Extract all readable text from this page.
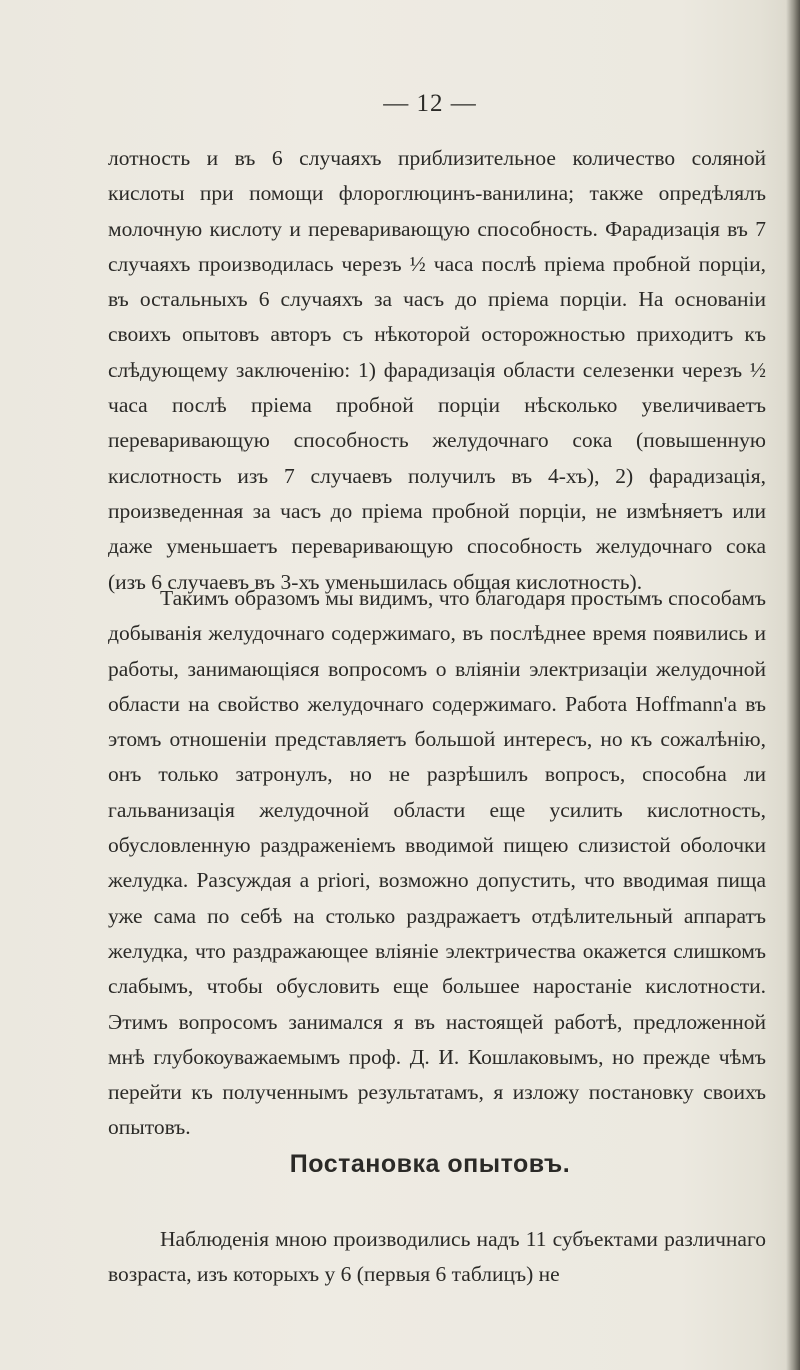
— 12 —

лотность и въ 6 случаяхъ приблизительное количество соляной кислоты при помощи флороглюцинъ-ванилина; также опредѣлялъ молочную кислоту и переваривающую способность. Фарадизація въ 7 случаяхъ производилась черезъ ½ часа послѣ пріема пробной порціи, въ остальныхъ 6 случаяхъ за часъ до пріема порціи. На основаніи своихъ опытовъ авторъ съ нѣкоторой осторожностью приходитъ къ слѣдующему заключенію: 1) фарадизація области селезенки черезъ ½ часа послѣ пріема пробной порціи нѣсколько увеличиваетъ переваривающую способность желудочнаго сока (повышенную кислотность изъ 7 случаевъ получилъ въ 4-хъ), 2) фарадизація, произведенная за часъ до пріема пробной порціи, не измѣняетъ или даже уменьшаетъ переваривающую способность желудочнаго сока (изъ 6 случаевъ въ 3-хъ уменьшилась общая кислотность).

Такимъ образомъ мы видимъ, что благодаря простымъ способамъ добыванія желудочнаго содержимаго, въ послѣднее время появились и работы, занимающіяся вопросомъ о вліяніи электризаціи желудочной области на свойство желудочнаго содержимаго. Работа Hoffmann'а въ этомъ отношеніи представляетъ большой интересъ, но къ сожалѣнію, онъ только затронулъ, но не разрѣшилъ вопросъ, способна ли гальванизація желудочной области еще усилить кислотность, обусловленную раздраженіемъ вводимой пищею слизистой оболочки желудка. Разсуждая a priori, возможно допустить, что вводимая пища уже сама по себѣ на столько раздражаетъ отдѣлительный аппаратъ желудка, что раздражающее вліяніе электричества окажется слишкомъ слабымъ, чтобы обусловить еще большее наростаніе кислотности. Этимъ вопросомъ занимался я въ настоящей работѣ, предложенной мнѣ глубокоуважаемымъ проф. Д. И. Кошлаковымъ, но прежде чѣмъ перейти къ полученнымъ результатамъ, я изложу постановку своихъ опытовъ.

Постановка опытовъ.

Наблюденія мною производились надъ 11 субъектами различнаго возраста, изъ которыхъ у 6 (первыя 6 таблицъ) не
